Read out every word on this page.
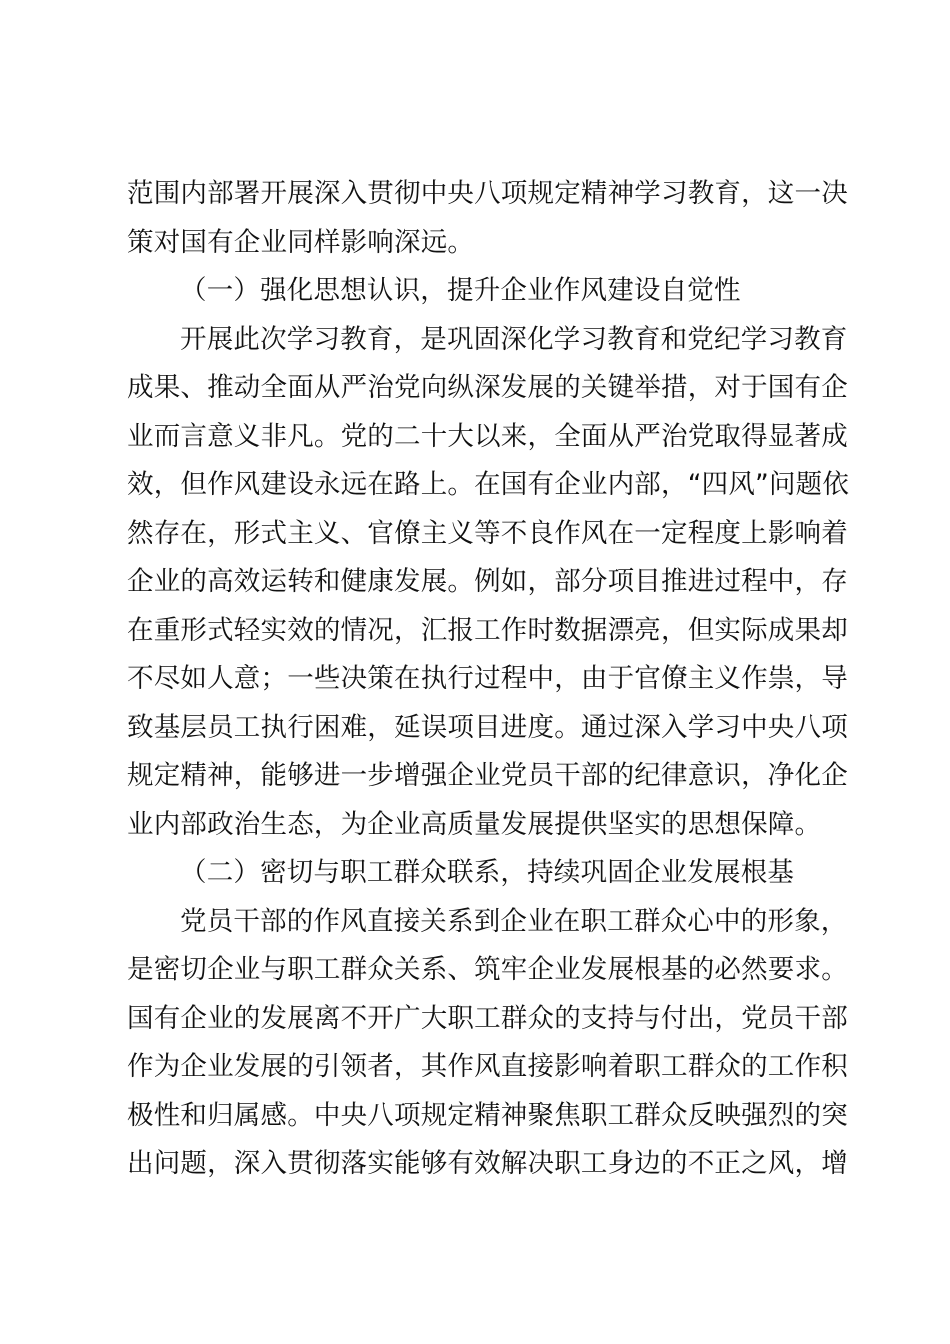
范围内部署开展深入贯彻中央八项规定精神学习教育，这一决
策对国有企业同样影响深远。
（一）强化思想认识，提升企业作风建设自觉性
开展此次学习教育，是巩固深化学习教育和党纪学习教育
成果、推动全面从严治党向纵深发展的关键举措，对于国有企
业而言意义非凡。党的二十大以来，全面从严治党取得显著成
效，但作风建设永远在路上。在国有企业内部，“四风”问题依
然存在，形式主义、官僚主义等不良作风在一定程度上影响着
企业的高效运转和健康发展。例如，部分项目推进过程中，存
在重形式轻实效的情况，汇报工作时数据漂亮，但实际成果却
不尽如人意；一些决策在执行过程中，由于官僚主义作祟，导
致基层员工执行困难，延误项目进度。通过深入学习中央八项
规定精神，能够进一步增强企业党员干部的纪律意识，净化企
业内部政治生态，为企业高质量发展提供坚实的思想保障。
（二）密切与职工群众联系，持续巩固企业发展根基
党员干部的作风直接关系到企业在职工群众心中的形象，
是密切企业与职工群众关系、筑牢企业发展根基的必然要求。
国有企业的发展离不开广大职工群众的支持与付出，党员干部
作为企业发展的引领者，其作风直接影响着职工群众的工作积
极性和归属感。中央八项规定精神聚焦职工群众反映强烈的突
出问题，深入贯彻落实能够有效解决职工身边的不正之风，增
